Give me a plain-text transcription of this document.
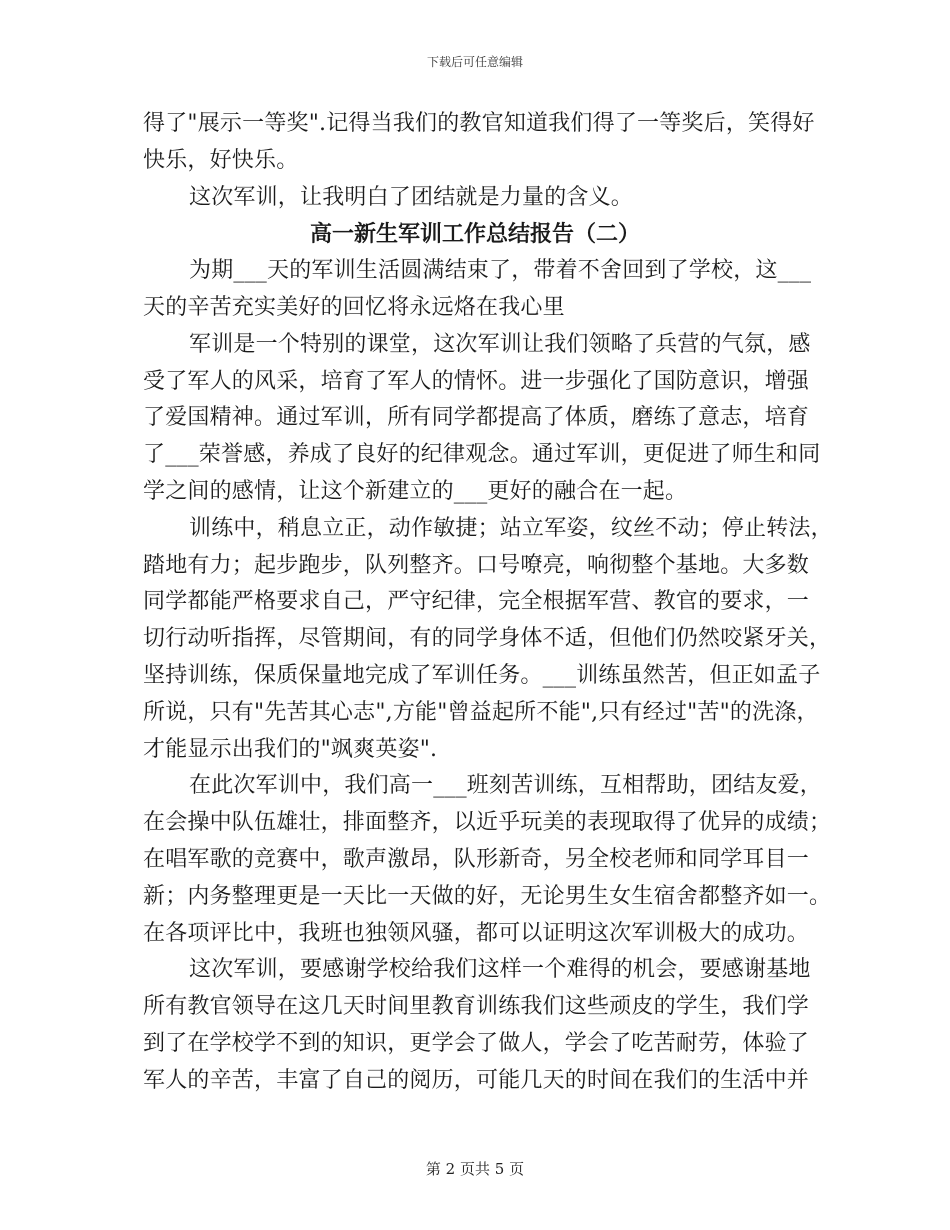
下载后可任意编辑
得了"展示一等奖".记得当我们的教官知道我们得了一等奖后，笑得好
快乐，好快乐。
这次军训，让我明白了团结就是力量的含义。
高一新生军训工作总结报告（二）
为期___天的军训生活圆满结束了，带着不舍回到了学校，这___
天的辛苦充实美好的回忆将永远烙在我心里
军训是一个特别的课堂，这次军训让我们领略了兵营的气氛，感
受了军人的风采，培育了军人的情怀。进一步强化了国防意识，增强
了爱国精神。通过军训，所有同学都提高了体质，磨练了意志，培育
了___荣誉感，养成了良好的纪律观念。通过军训，更促进了师生和同
学之间的感情，让这个新建立的___更好的融合在一起。
训练中，稍息立正，动作敏捷；站立军姿，纹丝不动；停止转法，
踏地有力；起步跑步，队列整齐。口号嘹亮，响彻整个基地。大多数
同学都能严格要求自己，严守纪律，完全根据军营、教官的要求，一
切行动听指挥，尽管期间，有的同学身体不适，但他们仍然咬紧牙关，
坚持训练，保质保量地完成了军训任务。___训练虽然苦，但正如孟子
所说，只有"先苦其心志",方能"曾益起所不能",只有经过"苦"的洗涤，
才能显示出我们的"飒爽英姿".
在此次军训中，我们高一___班刻苦训练，互相帮助，团结友爱，
在会操中队伍雄壮，排面整齐，以近乎玩美的表现取得了优异的成绩；
在唱军歌的竞赛中，歌声激昂，队形新奇，另全校老师和同学耳目一
新；内务整理更是一天比一天做的好，无论男生女生宿舍都整齐如一。
在各项评比中，我班也独领风骚，都可以证明这次军训极大的成功。
这次军训，要感谢学校给我们这样一个难得的机会，要感谢基地
所有教官领导在这几天时间里教育训练我们这些顽皮的学生，我们学
到了在学校学不到的知识，更学会了做人，学会了吃苦耐劳，体验了
军人的辛苦，丰富了自己的阅历，可能几天的时间在我们的生活中并
第 2 页共 5 页
